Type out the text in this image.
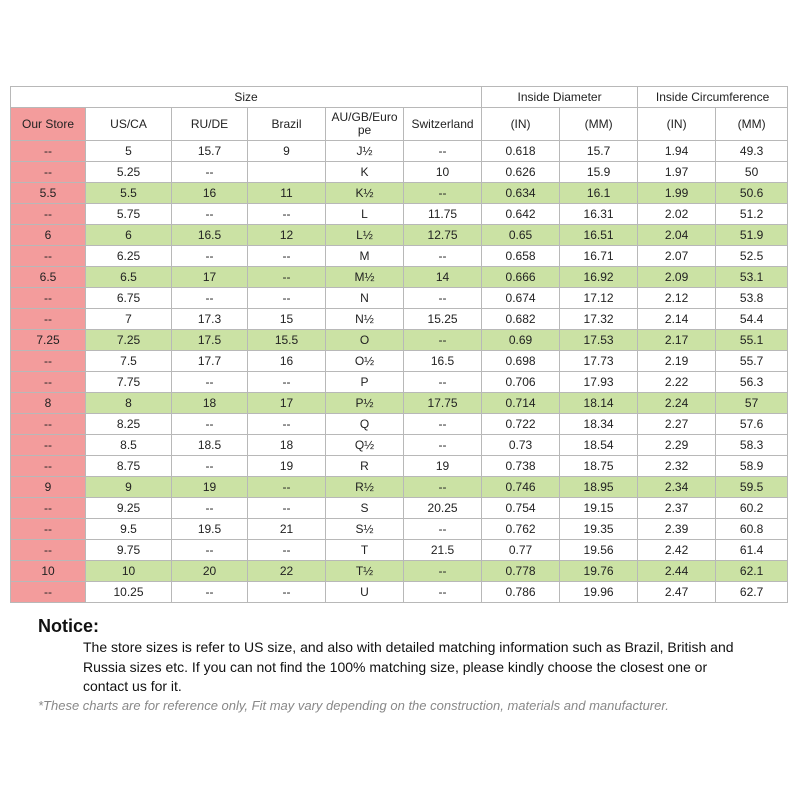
Size						Inside Diameter		Inside Circumference	
Our Store	US/CA	RU/DE	Brazil	AU/GB/Euro pe	Switzerland	(IN)	(MM)	(IN)	(MM)
--	5	15.7	9	J½	--	0.618	15.7	1.94	49.3
--	5.25	--		K	10	0.626	15.9	1.97	50
5.5	5.5	16	11	K½	--	0.634	16.1	1.99	50.6
--	5.75	--	--	L	11.75	0.642	16.31	2.02	51.2
6	6	16.5	12	L½	12.75	0.65	16.51	2.04	51.9
--	6.25	--	--	M	--	0.658	16.71	2.07	52.5
6.5	6.5	17	--	M½	14	0.666	16.92	2.09	53.1
--	6.75	--	--	N	--	0.674	17.12	2.12	53.8
--	7	17.3	15	N½	15.25	0.682	17.32	2.14	54.4
7.25	7.25	17.5	15.5	O	--	0.69	17.53	2.17	55.1
--	7.5	17.7	16	O½	16.5	0.698	17.73	2.19	55.7
--	7.75	--	--	P	--	0.706	17.93	2.22	56.3
8	8	18	17	P½	17.75	0.714	18.14	2.24	57
--	8.25	--	--	Q	--	0.722	18.34	2.27	57.6
--	8.5	18.5	18	Q½	--	0.73	18.54	2.29	58.3
--	8.75	--	19	R	19	0.738	18.75	2.32	58.9
9	9	19	--	R½	--	0.746	18.95	2.34	59.5
--	9.25	--	--	S	20.25	0.754	19.15	2.37	60.2
--	9.5	19.5	21	S½	--	0.762	19.35	2.39	60.8
--	9.75	--	--	T	21.5	0.77	19.56	2.42	61.4
10	10	20	22	T½	--	0.778	19.76	2.44	62.1
--	10.25	--	--	U	--	0.786	19.96	2.47	62.7
Notice:
The store sizes is refer to US size, and also with detailed matching information such as Brazil, British and Russia sizes etc. If you can not find the 100% matching size, please kindly choose the closest one or contact us for it.
*These charts are for reference only, Fit may vary depending on the construction, materials and manufacturer.
